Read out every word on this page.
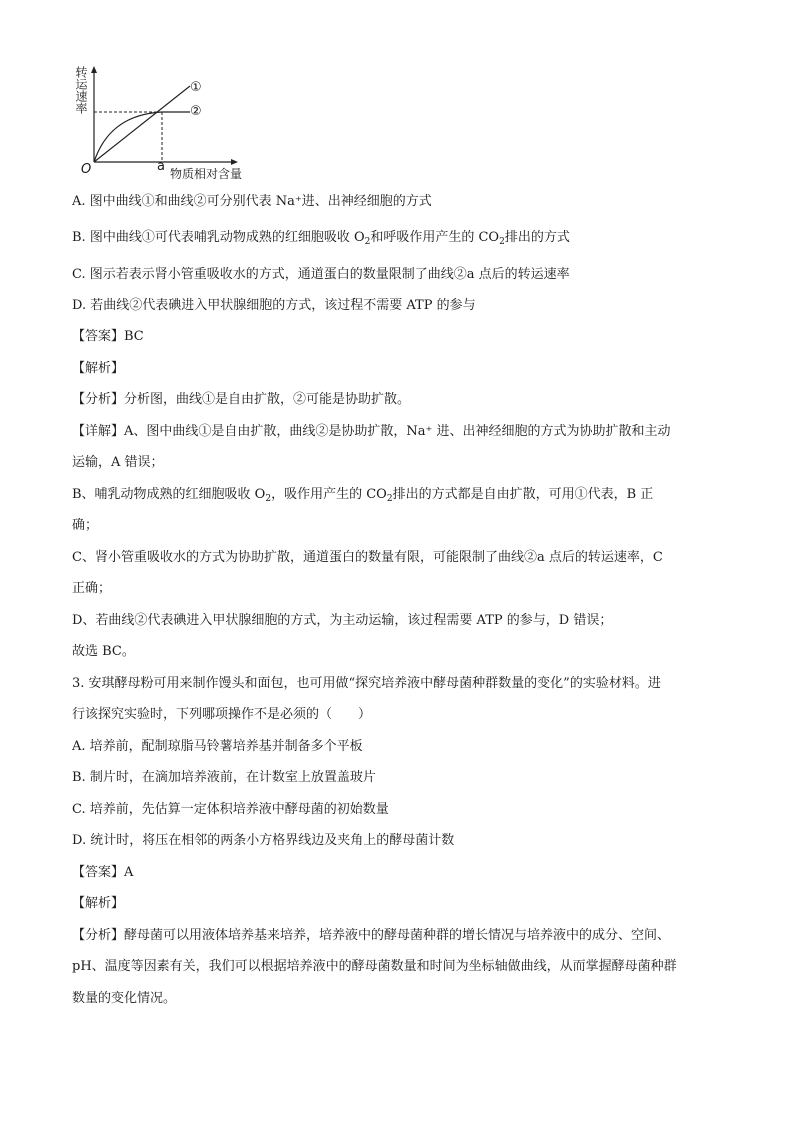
转运速率
O	a 物质相对含量
①
②
A. 图中曲线①和曲线②可分别代表 Na⁺进、出神经细胞的方式
B. 图中曲线①可代表哺乳动物成熟的红细胞吸收 $O_2$和呼吸作用产生的 $CO_2$排出的方式
C. 图示若表示肾小管重吸收水的方式，通道蛋白的数量限制了曲线②a 点后的转运速率
D. 若曲线②代表碘进入甲状腺细胞的方式，该过程不需要 ATP 的参与
【答案】BC
【解析】
【分析】分析图，曲线①是自由扩散，②可能是协助扩散。
【详解】A、图中曲线①是自由扩散，曲线②是协助扩散，Na⁺ 进、出神经细胞的方式为协助扩散和主动
运输，A 错误；
B、哺乳动物成熟的红细胞吸收 $O_2$，吸作用产生的 $CO_2$排出的方式都是自由扩散，可用①代表，B 正
确；
C、肾小管重吸收水的方式为协助扩散，通道蛋白的数量有限，可能限制了曲线②a 点后的转运速率，C
正确；
D、若曲线②代表碘进入甲状腺细胞的方式，为主动运输，该过程需要 ATP 的参与，D 错误；
故选 BC。
3. 安琪酵母粉可用来制作馒头和面包，也可用做“探究培养液中酵母菌种群数量的变化”的实验材料。进
行该探究实验时，下列哪项操作不是必须的（　　）
A. 培养前，配制琼脂马铃薯培养基并制备多个平板
B. 制片时，在滴加培养液前，在计数室上放置盖玻片
C. 培养前，先估算一定体积培养液中酵母菌的初始数量
D. 统计时，将压在相邻的两条小方格界线边及夹角上的酵母菌计数
【答案】A
【解析】
【分析】酵母菌可以用液体培养基来培养，培养液中的酵母菌种群的增长情况与培养液中的成分、空间、
pH、温度等因素有关，我们可以根据培养液中的酵母菌数量和时间为坐标轴做曲线，从而掌握酵母菌种群
数量的变化情况。
